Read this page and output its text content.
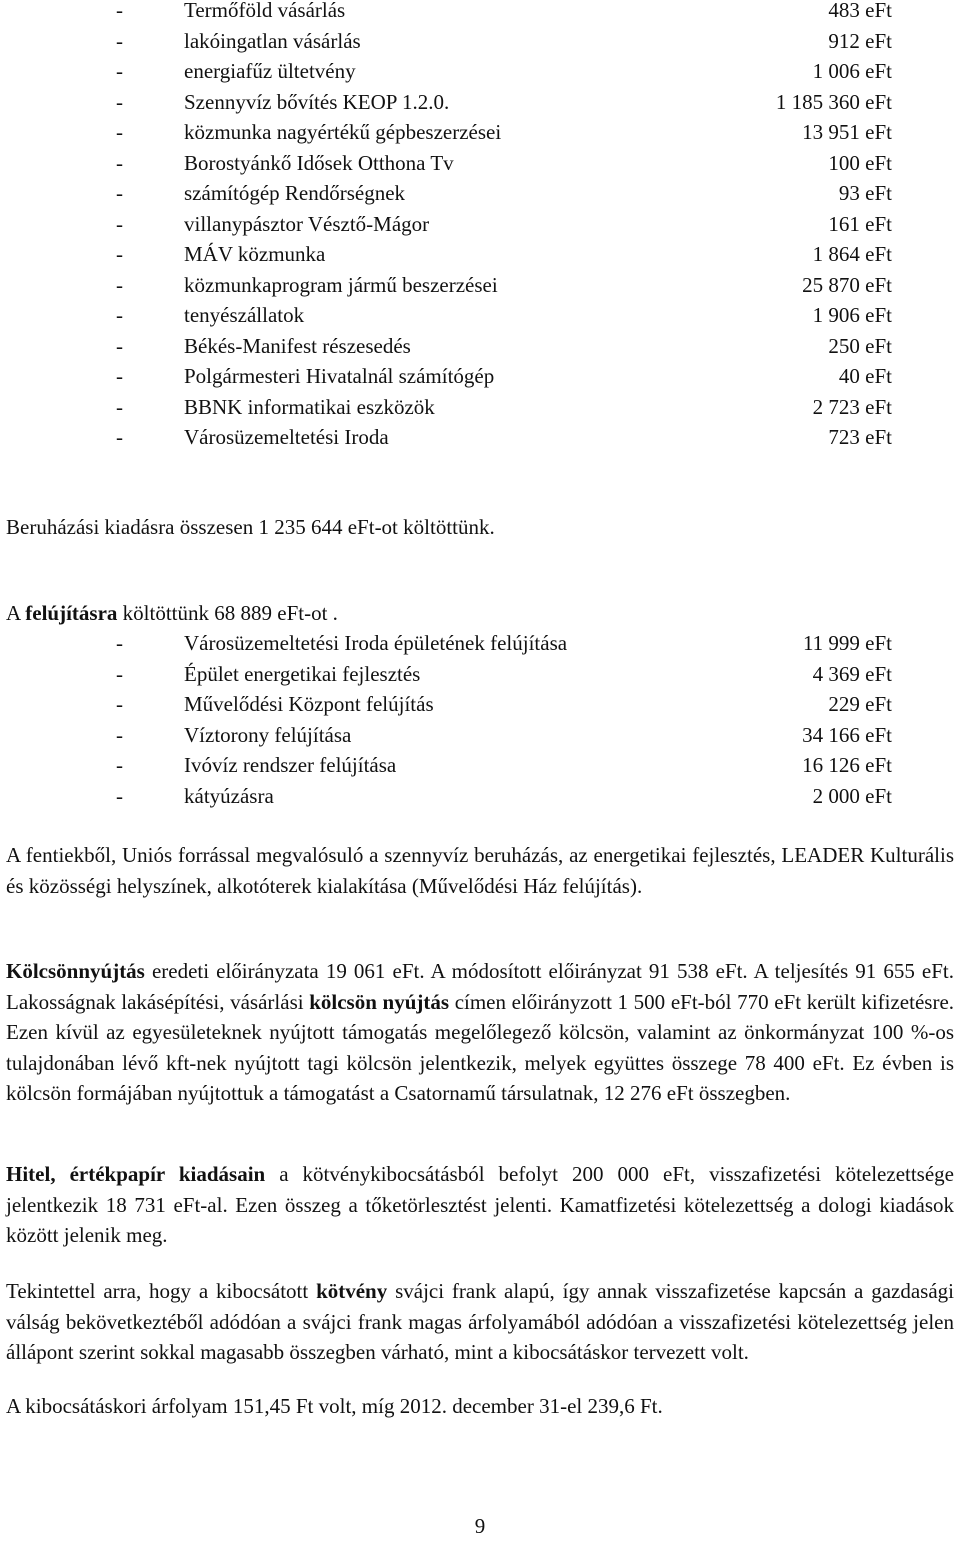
-	Termőföld vásárlás	483 eFt
-	lakóingatlan vásárlás	912 eFt
-	energiafűz ültetvény	1 006 eFt
-	Szennyvíz bővítés KEOP 1.2.0.	1 185 360 eFt
-	közmunka nagyértékű gépbeszerzései	13 951 eFt
-	Borostyánkő Idősek Otthona Tv	100 eFt
-	számítógép Rendőrségnek	93 eFt
-	villanypásztor Vésztő-Mágor	161 eFt
-	MÁV közmunka	1 864 eFt
-	közmunkaprogram jármű beszerzései	25 870 eFt
-	tenyészállatok	1 906 eFt
-	Békés-Manifest részesedés	250 eFt
-	Polgármesteri Hivatalnál számítógép	40 eFt
-	BBNK informatikai eszközök	2 723 eFt
-	Városüzemeltetési Iroda	723 eFt

Beruházási kiadásra összesen 1 235 644 eFt-ot költöttünk.

A felújításra költöttünk 68 889 eFt-ot .

-	Városüzemeltetési Iroda épületének felújítása	11 999 eFt
-	Épület energetikai fejlesztés	4 369 eFt
-	Művelődési Központ felújítás	229 eFt
-	Víztorony felújítása	34 166 eFt
-	Ivóvíz rendszer felújítása	16 126 eFt
-	kátyúzásra	2 000 eFt

A fentiekből, Uniós forrással megvalósuló a szennyvíz beruházás, az energetikai fejlesztés, LEADER Kulturális és közösségi helyszínek, alkotóterek kialakítása (Művelődési Ház felújítás).

Kölcsönnyújtás eredeti előirányzata 19 061 eFt. A módosított előirányzat 91 538 eFt. A teljesítés 91 655 eFt. Lakosságnak lakásépítési, vásárlási kölcsön nyújtás címen előirányzott 1 500 eFt-ból 770 eFt került kifizetésre. Ezen kívül az egyesületeknek nyújtott támogatás megelőlegező kölcsön, valamint az önkormányzat 100 %-os tulajdonában lévő kft-nek nyújtott tagi kölcsön jelentkezik, melyek együttes összege 78 400 eFt. Ez évben is kölcsön formájában nyújtottuk a támogatást a Csatornamű társulatnak, 12 276 eFt összegben.

Hitel, értékpapír kiadásain a kötvénykibocsátásból befolyt 200 000 eFt, visszafizetési kötelezettsége jelentkezik 18 731 eFt-al. Ezen összeg a tőketörlesztést jelenti. Kamatfizetési kötelezettség a dologi kiadások között jelenik meg.

Tekintettel arra, hogy a kibocsátott kötvény svájci frank alapú, így annak visszafizetése kapcsán a gazdasági válság bekövetkeztéből adódóan a svájci frank magas árfolyamából adódóan a visszafizetési kötelezettség jelen állápont szerint sokkal magasabb összegben várható, mint a kibocsátáskor tervezett volt.

A kibocsátáskori árfolyam 151,45 Ft volt, míg 2012. december 31-el 239,6 Ft.

9
